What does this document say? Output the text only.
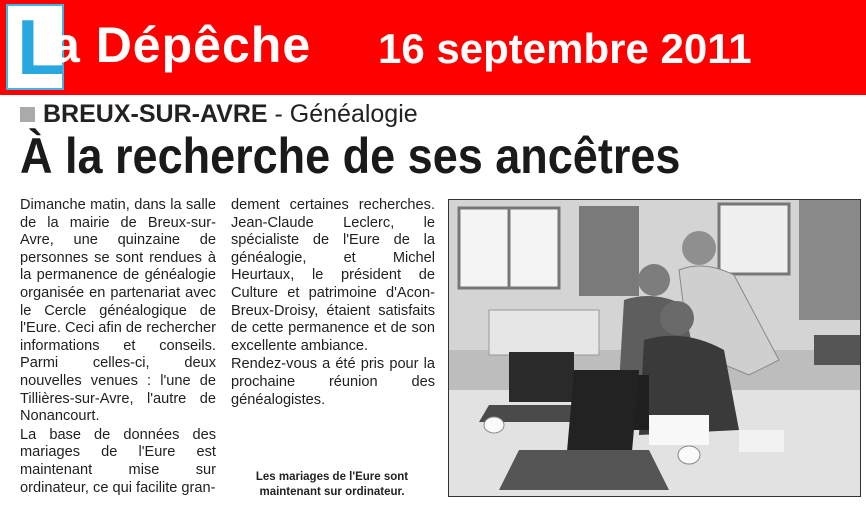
L
a Dépêche 16 septembre 2011
BREUX-SUR-AVRE - Généalogie
À la recherche de ses ancêtres

Dimanche matin, dans la salle de la mairie de Breux-sur-Avre, une quinzaine de personnes se sont rendues à la permanence de généalogie organisée en partenariat avec le Cercle généalogique de l'Eure. Ceci afin de rechercher informations et conseils. Parmi celles-ci, deux nouvelles venues : l'une de Tillières-sur-Avre, l'autre de Nonancourt.

La base de données des mariages de l'Eure est maintenant mise sur ordinateur, ce qui facilite gran-

dement certaines recherches. Jean-Claude Leclerc, le spécialiste de l'Eure de la généalogie, et Michel Heurtaux, le président de Culture et patrimoine d'Acon-Breux-Droisy, étaient satisfaits de cette permanence et de son excellente ambiance.

Rendez-vous a été pris pour la prochaine réunion des généalogistes.

Les mariages de l'Eure sont maintenant sur ordinateur.
